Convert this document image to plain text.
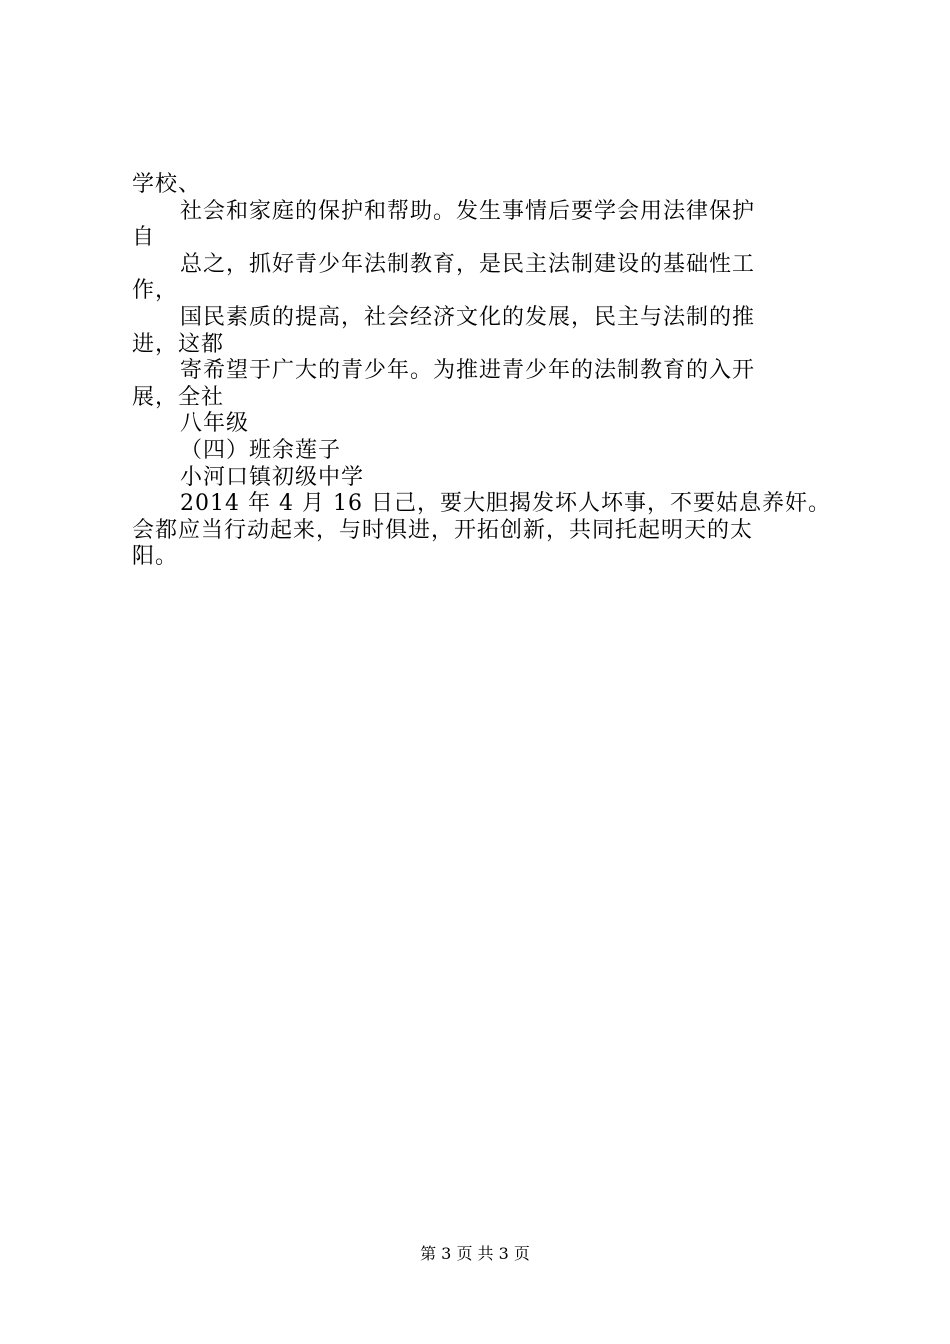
学校、
社会和家庭的保护和帮助。发生事情后要学会用法律保护
自
总之，抓好青少年法制教育，是民主法制建设的基础性工
作，
国民素质的提高，社会经济文化的发展，民主与法制的推
进，这都
寄希望于广大的青少年。为推进青少年的法制教育的入开
展，全社
八年级
（四）班余莲子
小河口镇初级中学
2014 年 4 月 16 日己，要大胆揭发坏人坏事，不要姑息养奸。
会都应当行动起来，与时俱进，开拓创新，共同托起明天的太
阳。
第 3 页 共 3 页
